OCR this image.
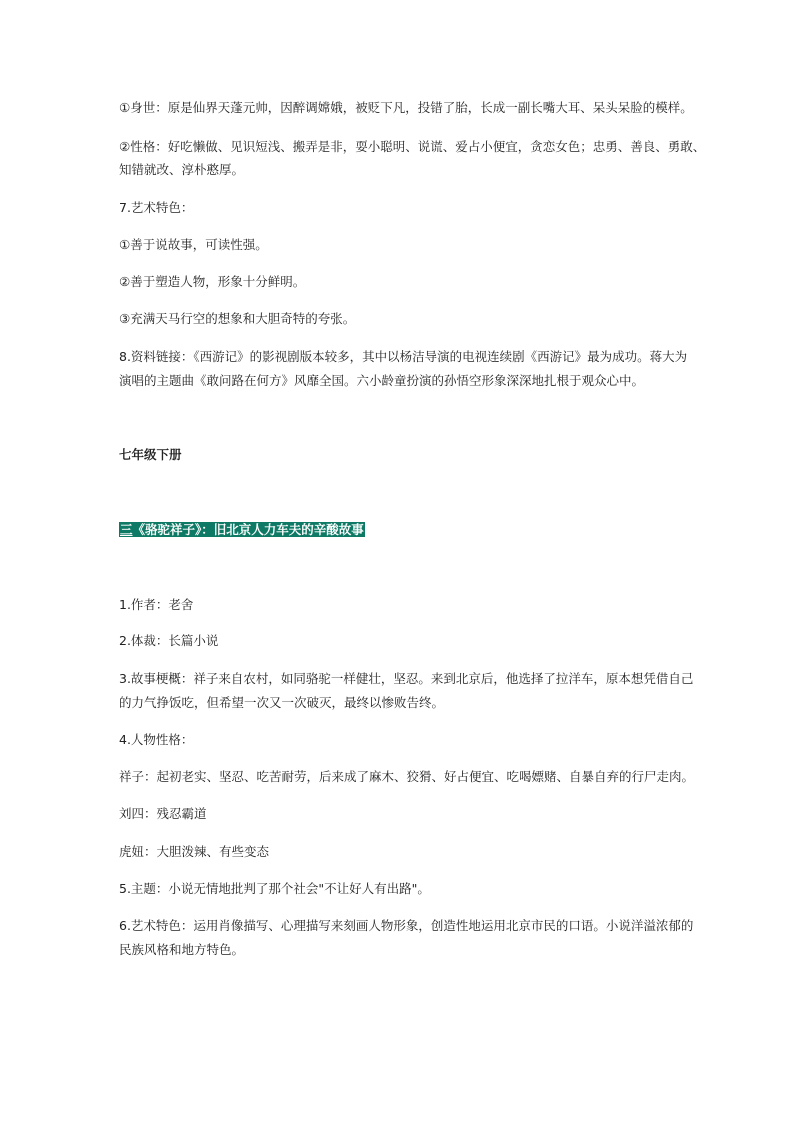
①身世：原是仙界天蓬元帅，因醉调嫦娥，被贬下凡，投错了胎，长成一副长嘴大耳、呆头呆脸的模样。
②性格：好吃懒做、见识短浅、搬弄是非，耍小聪明、说谎、爱占小便宜，贪恋女色；忠勇、善良、勇敢、
知错就改、淳朴憨厚。
7.艺术特色：
①善于说故事，可读性强。
②善于塑造人物，形象十分鲜明。
③充满天马行空的想象和大胆奇特的夸张。
8.资料链接：《西游记》的影视剧版本较多，其中以杨洁导演的电视连续剧《西游记》最为成功。蒋大为
演唱的主题曲《敢问路在何方》风靡全国。六小龄童扮演的孙悟空形象深深地扎根于观众心中。
七年级下册
三《骆驼祥子》：旧北京人力车夫的辛酸故事
1.作者：老舍
2.体裁：长篇小说
3.故事梗概：祥子来自农村，如同骆驼一样健壮，坚忍。来到北京后，他选择了拉洋车，原本想凭借自己
的力气挣饭吃，但希望一次又一次破灭，最终以惨败告终。
4.人物性格：
祥子：起初老实、坚忍、吃苦耐劳，后来成了麻木、狡猾、好占便宜、吃喝嫖赌、自暴自弃的行尸走肉。
刘四：残忍霸道
虎妞：大胆泼辣、有些变态
5.主题：小说无情地批判了那个社会"不让好人有出路"。
6.艺术特色：运用肖像描写、心理描写来刻画人物形象，创造性地运用北京市民的口语。小说洋溢浓郁的
民族风格和地方特色。
